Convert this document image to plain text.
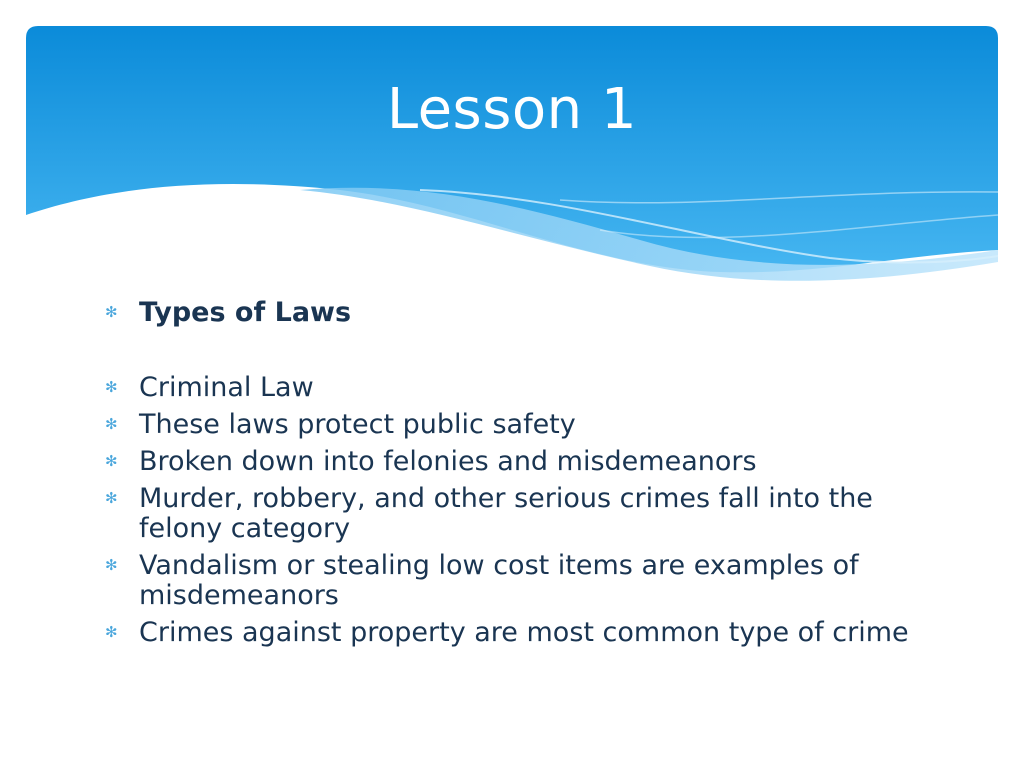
Lesson 1
✻ Types of Laws
✻ Criminal Law
✻ These laws protect public safety
✻ Broken down into felonies and misdemeanors
✻ Murder, robbery, and other serious crimes fall into the felony category
✻ Vandalism or stealing low cost items are examples of misdemeanors
✻ Crimes against property are most common type of crime
